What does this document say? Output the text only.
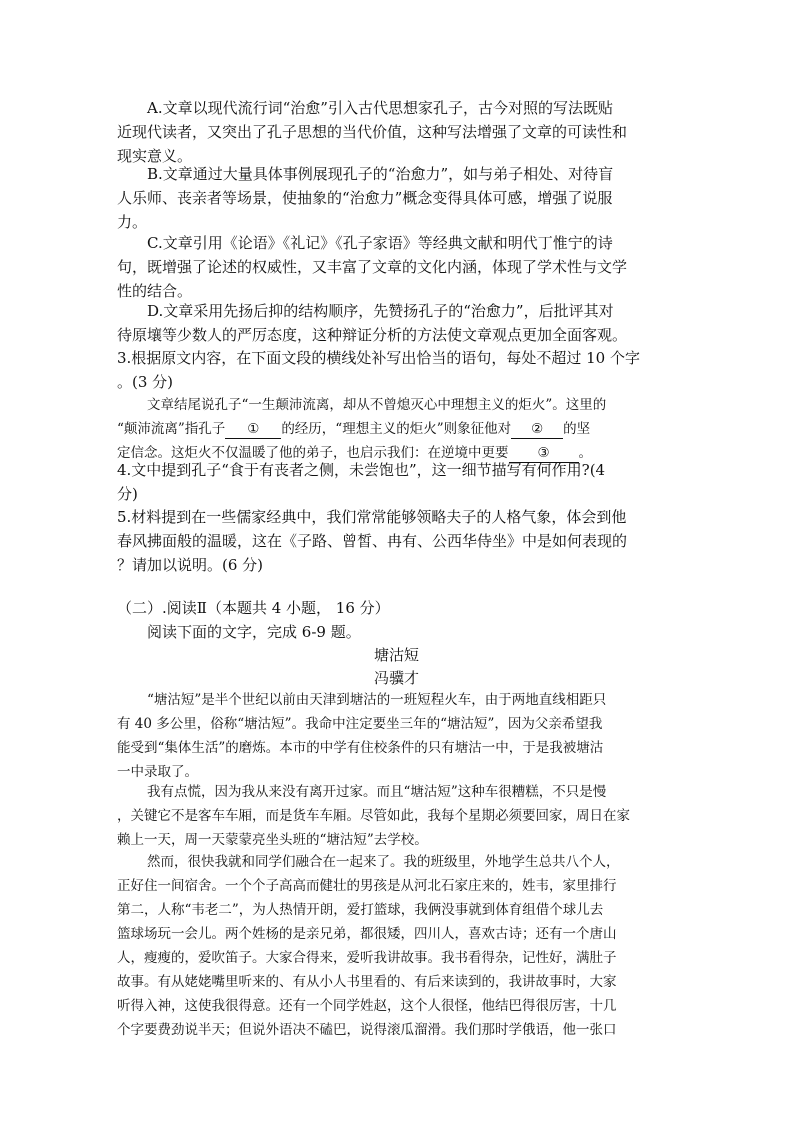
A.文章以现代流行词“治愈”引入古代思想家孔子，古今对照的写法既贴
近现代读者，又突出了孔子思想的当代价值，这种写法增强了文章的可读性和
现实意义。
B.文章通过大量具体事例展现孔子的“治愈力”，如与弟子相处、对待盲
人乐师、丧亲者等场景，使抽象的“治愈力”概念变得具体可感，增强了说服
力。
C.文章引用《论语》《礼记》《孔子家语》等经典文献和明代丁惟宁的诗
句，既增强了论述的权威性，又丰富了文章的文化内涵，体现了学术性与文学
性的结合。
D.文章采用先扬后抑的结构顺序，先赞扬孔子的“治愈力”，后批评其对
待原壤等少数人的严厉态度，这种辩证分析的方法使文章观点更加全面客观。
3.根据原文内容，在下面文段的横线处补写出恰当的语句，每处不超过 10 个字
。(3 分)
文章结尾说孔子“一生颠沛流离，却从不曾熄灭心中理想主义的炬火”。这里的
“颠沛流离”指孔子 ① 的经历，“理想主义的炬火”则象征他对 ② 的坚
定信念。这炬火不仅温暖了他的弟子，也启示我们：在逆境中更要 ③ 。
4.文中提到孔子“食于有丧者之侧，未尝饱也”，这一细节描写有何作用?(4
分)
5.材料提到在一些儒家经典中，我们常常能够领略夫子的人格气象，体会到他
春风拂面般的温暖，这在《子路、曾皙、冉有、公西华侍坐》中是如何表现的
？请加以说明。(6 分)
（二）.阅读Ⅱ（本题共 4 小题， 16 分）
阅读下面的文字，完成 6-9 题。
塘沽短
冯骥才
“塘沽短”是半个世纪以前由天津到塘沽的一班短程火车，由于两地直线相距只
有 40 多公里，俗称“塘沽短”。我命中注定要坐三年的“塘沽短”，因为父亲希望我
能受到“集体生活”的磨炼。本市的中学有住校条件的只有塘沽一中，于是我被塘沽
一中录取了。
我有点慌，因为我从来没有离开过家。而且“塘沽短”这种车很糟糕，不只是慢
，关键它不是客车车厢，而是货车车厢。尽管如此，我每个星期必须要回家，周日在家
赖上一天，周一天蒙蒙亮坐头班的“塘沽短”去学校。
然而，很快我就和同学们融合在一起来了。我的班级里，外地学生总共八个人，
正好住一间宿舍。一个个子高高而健壮的男孩是从河北石家庄来的，姓韦，家里排行
第二，人称“韦老二”，为人热情开朗，爱打篮球，我俩没事就到体育组借个球儿去
篮球场玩一会儿。两个姓杨的是亲兄弟，都很矮，四川人，喜欢古诗；还有一个唐山
人，瘦瘦的，爱吹笛子。大家合得来，爱听我讲故事。我书看得杂，记性好，满肚子
故事。有从姥姥嘴里听来的、有从小人书里看的、有后来读到的，我讲故事时，大家
听得入神，这使我很得意。还有一个同学姓赵，这个人很怪，他结巴得很厉害，十几
个字要费劲说半天；但说外语决不磕巴，说得滚瓜溜滑。我们那时学俄语，他一张口
